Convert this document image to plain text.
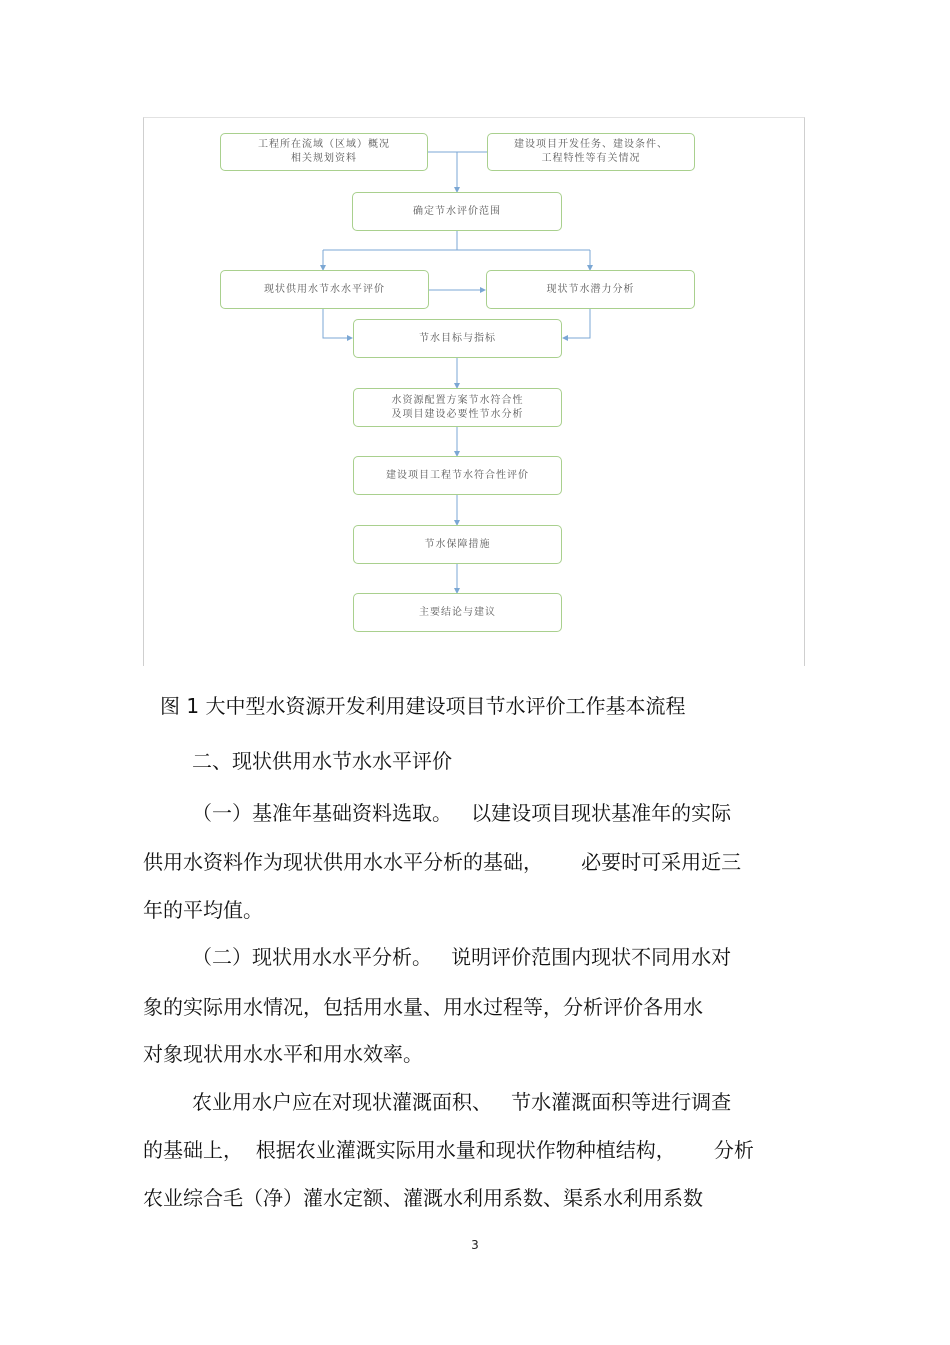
工程所在流域（区域）概况
相关规划资料
建设项目开发任务、建设条件、
工程特性等有关情况
确定节水评价范围
现状供用水节水水平评价	现状节水潜力分析
节水目标与指标
水资源配置方案节水符合性
及项目建设必要性节水分析
建设项目工程节水符合性评价
节水保障措施
主要结论与建议
图 1 大中型水资源开发利用建设项目节水评价工作基本流程
二、现状供用水节水水平评价
（一）基准年基础资料选取。   以建设项目现状基准年的实际
供用水资料作为现状供用水水平分析的基础，      必要时可采用近三
年的平均值。
（二）现状用水水平分析。   说明评价范围内现状不同用水对
象的实际用水情况，包括用水量、用水过程等，分析评价各用水
对象现状用水水平和用水效率。
农业用水户应在对现状灌溉面积、   节水灌溉面积等进行调查
的基础上，  根据农业灌溉实际用水量和现状作物种植结构，      分析
农业综合毛（净）灌水定额、灌溉水利用系数、渠系水利用系数
3
